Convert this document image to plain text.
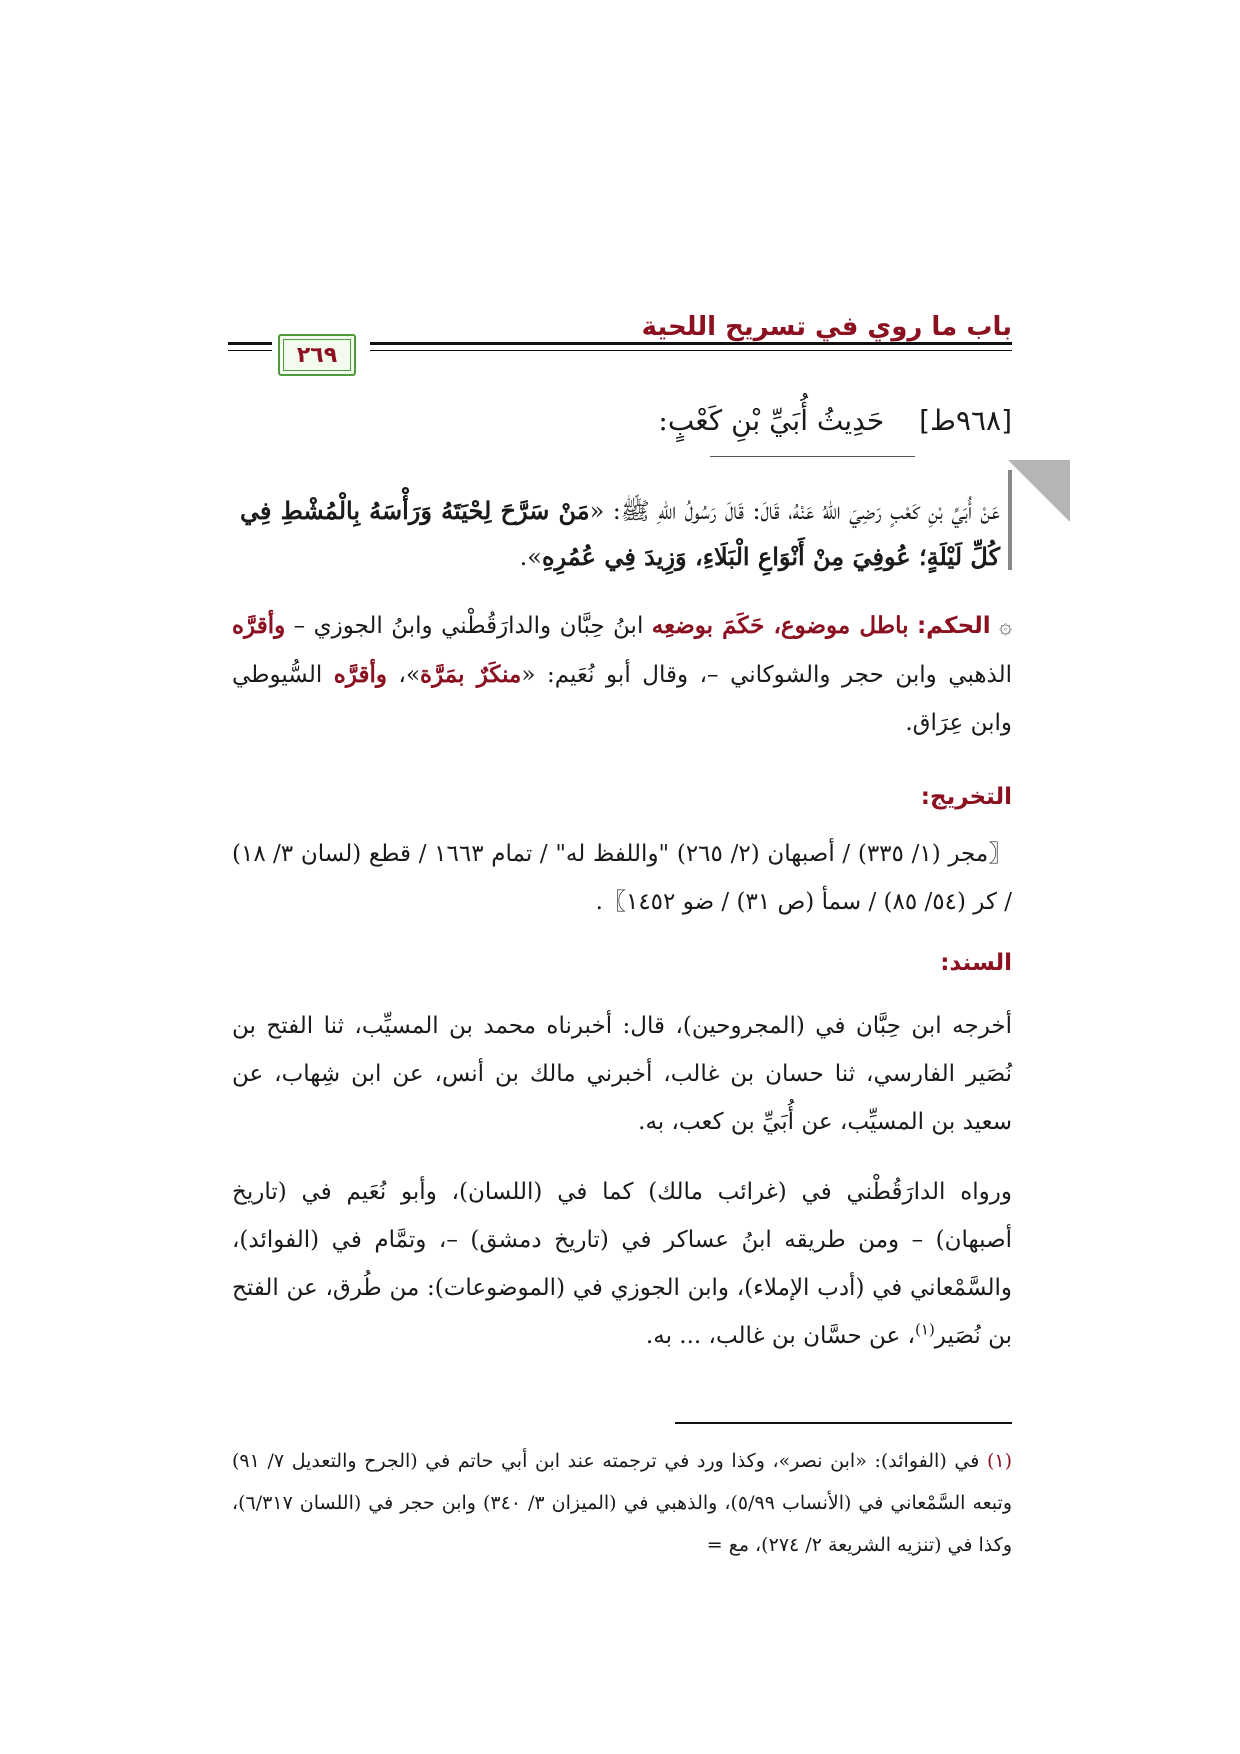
باب ما روي في تسريح اللحية
٢٦٩
[٩٦٨ط] حَدِيثُ أُبَيِّ بْنِ كَعْبٍ:
عَنْ أُبَيِّ بْنِ كَعْبٍ رَضِيَ اللهُ عَنْهُ، قَالَ: قَالَ رَسُولُ اللهِ ﷺ: «مَنْ سَرَّحَ لِحْيَتَهُ وَرَأْسَهُ بِالْمُشْطِ فِي كُلِّ لَيْلَةٍ؛ عُوفِيَ مِنْ أَنْوَاعِ الْبَلَاءِ، وَزِيدَ فِي عُمُرِهِ».
۞ الحكم: باطل موضوع، حَكَمَ بوضعِه ابنُ حِبَّان والدارَقُطْني وابنُ الجوزي – وأقرَّه الذهبي وابن حجر والشوكاني –، وقال أبو نُعَيم: «منكَرٌ بمَرَّة»، وأقرَّه السُّيوطي وابن عِرَاق.
التخريج:
〖مجر (١/ ٣٣٥) / أصبهان (٢/ ٢٦٥) "واللفظ له" / تمام ١٦٦٣ / قطع (لسان ٣/ ١٨) / كر (٥٤/ ٨٥) / سمأ (ص ٣١) / ضو ١٤٥٢〗.
السند:
أخرجه ابن حِبَّان في (المجروحين)، قال: أخبرناه محمد بن المسيِّب، ثنا الفتح بن نُصَير الفارسي، ثنا حسان بن غالب، أخبرني مالك بن أنس، عن ابن شِهاب، عن سعيد بن المسيِّب، عن أُبَيِّ بن كعب، به.
ورواه الدارَقُطْني في (غرائب مالك) كما في (اللسان)، وأبو نُعَيم في (تاريخ أصبهان) – ومن طريقه ابنُ عساكر في (تاريخ دمشق) –، وتمَّام في (الفوائد)، والسَّمْعاني في (أدب الإملاء)، وابن الجوزي في (الموضوعات): من طُرق، عن الفتح بن نُصَير$^{(١)}$، عن حسَّان بن غالب، ... به.
(١) في (الفوائد): «ابن نصر»، وكذا ورد في ترجمته عند ابن أبي حاتم في (الجرح والتعديل ٧/ ٩١) وتبعه السَّمْعاني في (الأنساب ٥/٩٩)، والذهبي في (الميزان ٣/ ٣٤٠) وابن حجر في (اللسان ٦/٣١٧)، وكذا في (تنزيه الشريعة ٢/ ٢٧٤)، مع =
